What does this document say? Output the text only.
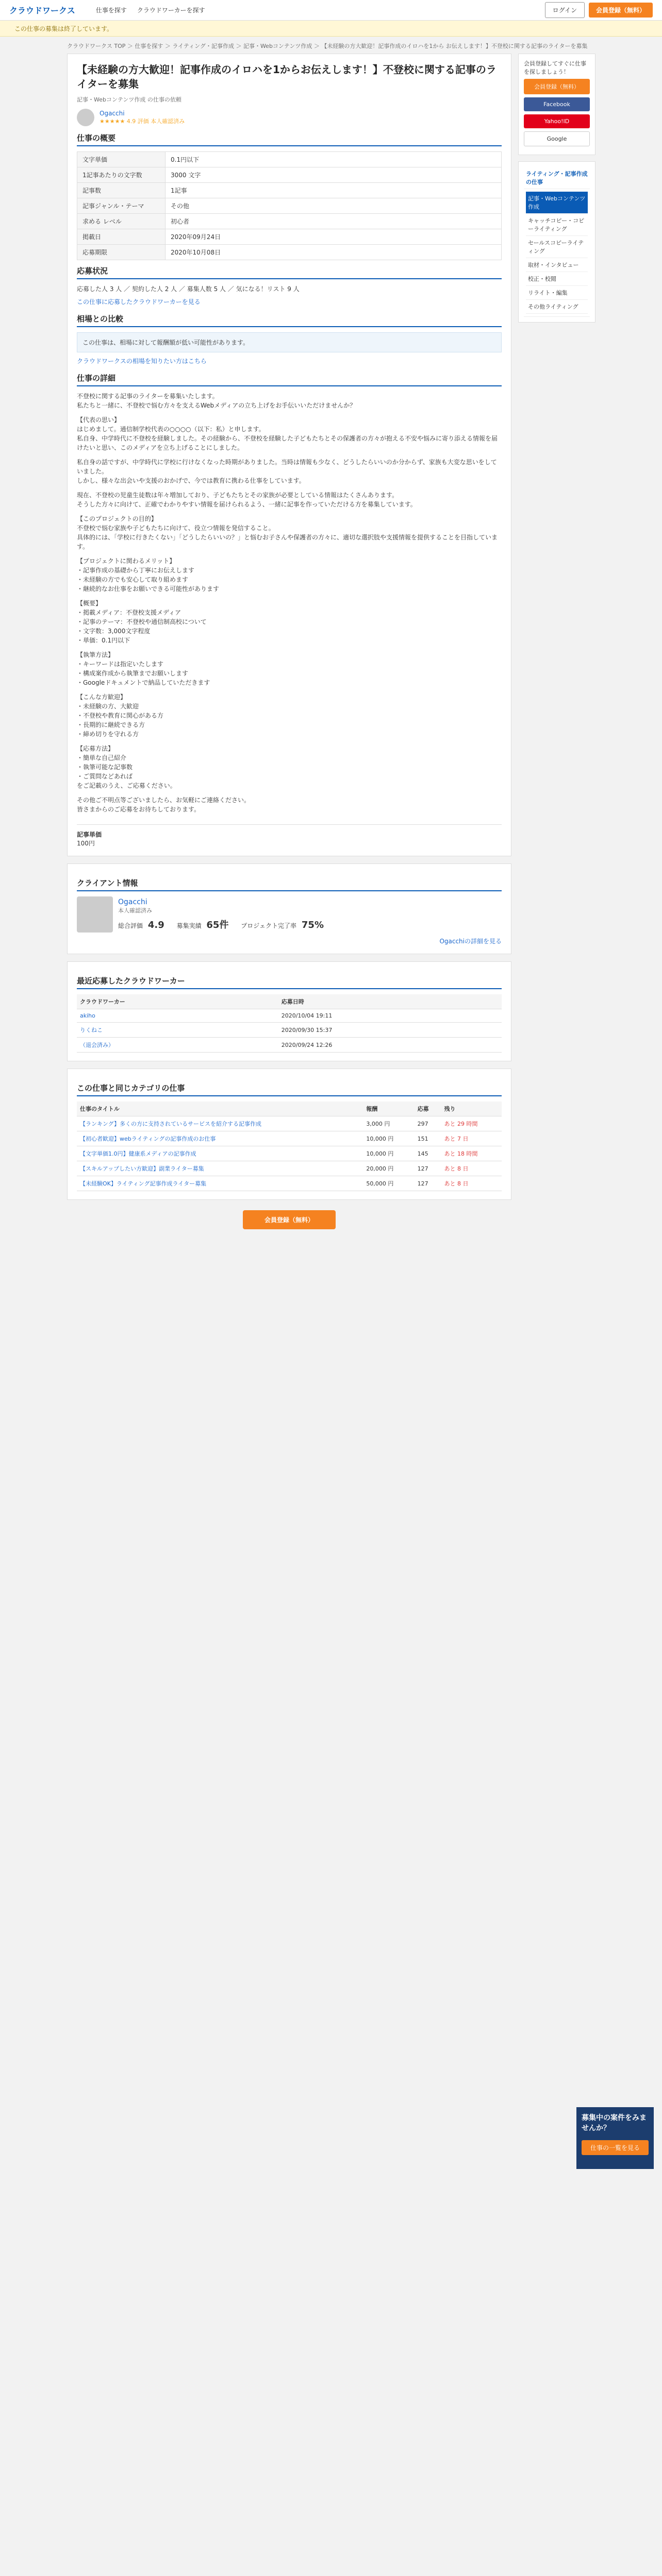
クラウドワークス	仕事を探す クラウドワーカーを探す	ログイン	会員登録（無料）
この仕事の募集は終了しています。
クラウドワークス TOP ＞ 仕事を探す ＞ ライティング・記事作成 ＞ 記事・Webコンテンツ作成 ＞ 【未経験の方大歓迎！記事作成のイロハを1から お伝えします！】不登校に関する記事のライターを募集
【未経験の方大歓迎！記事作成のイロハを1からお伝えします！】不登校に関する記事のライターを募集
記事・Webコンテンツ作成 の仕事の依頼
Ogacchi
★★★★★ 4.9 評価 本人確認済み
仕事の概要
文字単価	0.1円以下
1記事あたりの文字数	3000 文字
記事数	1記事
記事ジャンル・テーマ	その他
求める レベル	初心者
掲載日	2020年09月24日
応募期限	2020年10月08日
応募状況
応募した人 3 人 ／ 契約した人 2 人 ／ 募集人数 5 人 ／ 気になる！リスト 9 人
この仕事に応募したクラウドワーカーを見る
相場との比較
この仕事は、相場に対して報酬額が低い可能性があります。
クラウドワークスの相場を知りたい方はこちら
仕事の詳細

不登校に関する記事のライターを募集いたします。
私たちと一緒に、不登校で悩む方々を支えるWebメディアの立ち上げをお手伝いいただけませんか？

【代表の思い】
はじめまして。通信制学校代表の○○○○（以下：私）と申します。
私自身、中学時代に不登校を経験しました。その経験から、不登校を経験した子どもたちとその保護者の方々が抱える不安や悩みに寄り添える情報を届けたいと思い、このメディアを立ち上げることにしました。

私自身の話ですが、中学時代に学校に行けなくなった時期がありました。当時は情報も少なく、どうしたらいいのか分からず、家族も大変な思いをしていました。
しかし、様々な出会いや支援のおかげで、今では教育に携わる仕事をしています。

現在、不登校の児童生徒数は年々増加しており、子どもたちとその家族が必要としている情報はたくさんあります。
そうした方々に向けて、正確でわかりやすい情報を届けられるよう、一緒に記事を作っていただける方を募集しています。

【このプロジェクトの目的】
不登校で悩む家族や子どもたちに向けて、役立つ情報を発信すること。
具体的には、「学校に行きたくない」「どうしたらいいの？」と悩むお子さんや保護者の方々に、適切な選択肢や支援情報を提供することを目指しています。

【プロジェクトに関わるメリット】
・記事作成の基礎から丁寧にお伝えします
・未経験の方でも安心して取り組めます
・継続的なお仕事をお願いできる可能性があります

【概要】
・掲載メディア：不登校支援メディア
・記事のテーマ：不登校や通信制高校について
・文字数：3,000文字程度
・単価：0.1円以下

【執筆方法】
・キーワードは指定いたします
・構成案作成から執筆までお願いします
・Googleドキュメントで納品していただきます

【こんな方歓迎】
・未経験の方、大歓迎
・不登校や教育に関心がある方
・長期的に継続できる方
・締め切りを守れる方

【応募方法】
・簡単な自己紹介
・執筆可能な記事数
・ご質問などあれば
をご記載のうえ、ご応募ください。

その他ご不明点等ございましたら、お気軽にご連絡ください。
皆さまからのご応募をお待ちしております。

記事単価
100円
クライアント情報
Ogacchi
本人確認済み
総合評価 4.9 募集実績 65件 プロジェクト完了率 75%
Ogacchiの詳細を見る
最近応募したクラウドワーカー
クラウドワーカー	応募日時
akiho	2020/10/04 19:11
りくねこ	2020/09/30 15:37
（退会済み）	2020/09/24 12:26
この仕事と同じカテゴリの仕事
仕事のタイトル	報酬	応募	残り
【ランキング】多くの方に支持されているサービスを紹介する記事作成	3,000 円	297	あと 29 時間
【初心者歓迎】webライティングの記事作成のお仕事	10,000 円	151	あと 7 日
【文字単価1.0円】健康系メディアの記事作成	10,000 円	145	あと 18 時間
【スキルアップしたい方歓迎】副業ライター募集	20,000 円	127	あと 8 日
【未経験OK】ライティング記事作成ライター募集	50,000 円	127	あと 8 日
会員登録（無料）
会員登録してすぐに仕事を探しましょう！
会員登録（無料）
Facebook
Yahoo!ID
Google
ライティング・記事作成の仕事
記事・Webコンテンツ作成
キャッチコピー・コピーライティング
セールスコピーライティング
取材・インタビュー
校正・校閲
リライト・編集
その他ライティング
募集中の案件をみませんか？
仕事の一覧を見る
